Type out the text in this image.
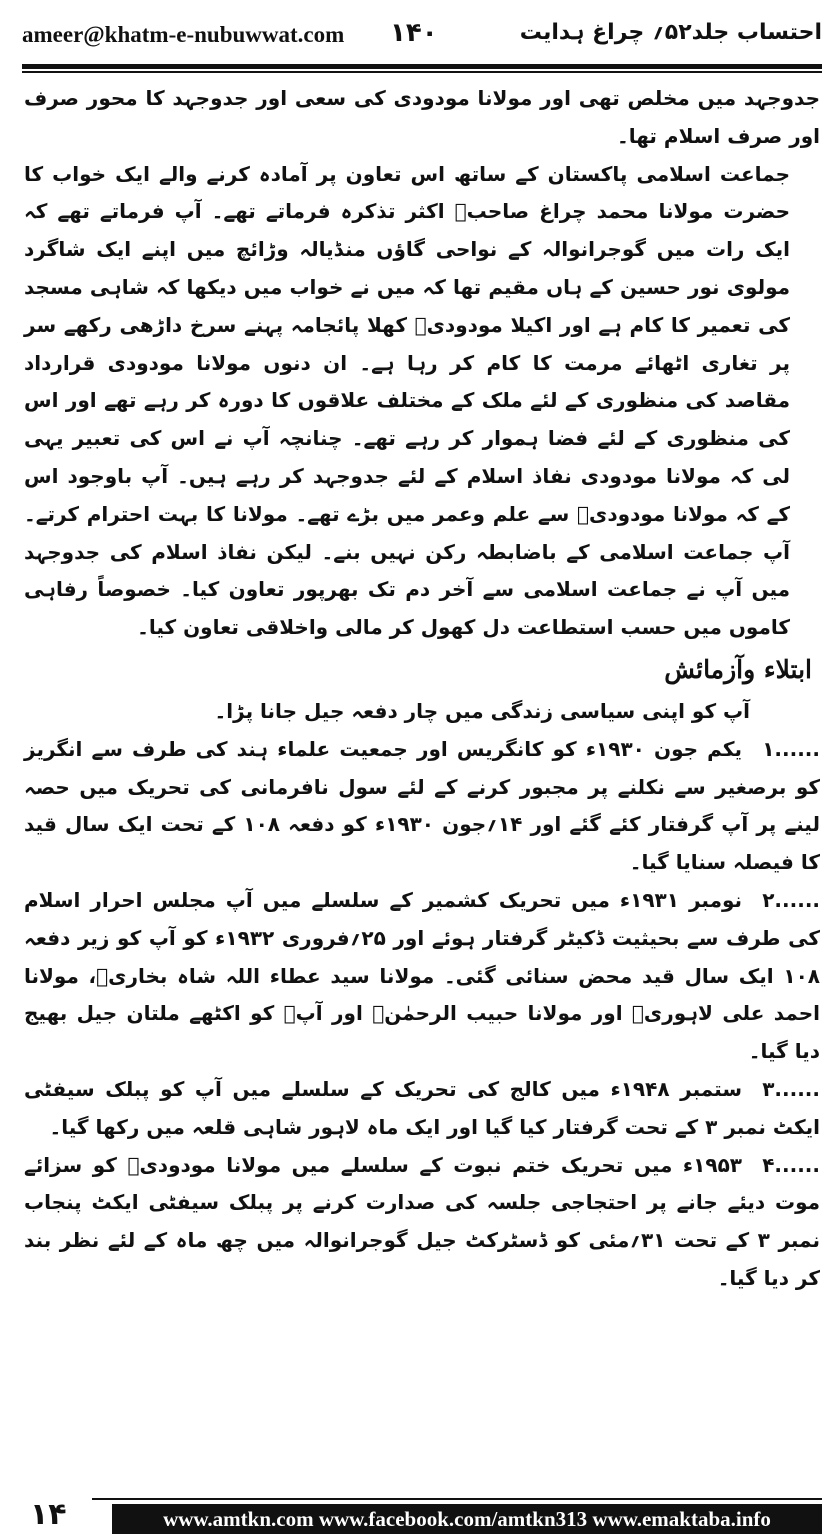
ameer@khatm-e-nubuwwat.com ۱۴۰	احتساب جلد۵۲؍ چراغ ہدایت

جدوجہد میں مخلص تھی اور مولانا مودودی کی سعی اور جدوجہد کا محور صرف اور صرف اسلام تھا۔

جماعت اسلامی پاکستان کے ساتھ اس تعاون پر آمادہ کرنے والے ایک خواب کا حضرت مولانا محمد چراغ صاحبؒ اکثر تذکرہ فرماتے تھے۔ آپ فرماتے تھے کہ ایک رات میں گوجرانوالہ کے نواحی گاؤں منڈیالہ وڑائچ میں اپنے ایک شاگرد مولوی نور حسین کے ہاں مقیم تھا کہ میں نے خواب میں دیکھا کہ شاہی مسجد کی تعمیر کا کام ہے اور اکیلا مودودیؒ کھلا پائجامہ پہنے سرخ داڑھی رکھے سر پر تغاری اٹھائے مرمت کا کام کر رہا ہے۔ ان دنوں مولانا مودودی قرارداد مقاصد کی منظوری کے لئے ملک کے مختلف علاقوں کا دورہ کر رہے تھے اور اس کی منظوری کے لئے فضا ہموار کر رہے تھے۔ چنانچہ آپ نے اس کی تعبیر یہی لی کہ مولانا مودودی نفاذ اسلام کے لئے جدوجہد کر رہے ہیں۔ آپ باوجود اس کے کہ مولانا مودودیؒ سے علم وعمر میں بڑے تھے۔ مولانا کا بہت احترام کرتے۔ آپ جماعت اسلامی کے باضابطہ رکن نہیں بنے۔ لیکن نفاذ اسلام کی جدوجہد میں آپ نے جماعت اسلامی سے آخر دم تک بھرپور تعاون کیا۔ خصوصاً رفاہی کاموں میں حسب استطاعت دل کھول کر مالی واخلاقی تعاون کیا۔

ابتلاء وآزمائش

آپ کو اپنی سیاسی زندگی میں چار دفعہ جیل جانا پڑا۔

۱......یکم جون ۱۹۳۰ء کو کانگریس اور جمعیت علماء ہند کی طرف سے انگریز کو برصغیر سے نکلنے پر مجبور کرنے کے لئے سول نافرمانی کی تحریک میں حصہ لینے پر آپ گرفتار کئے گئے اور ۱۴؍جون ۱۹۳۰ء کو دفعہ ۱۰۸ کے تحت ایک سال قید کا فیصلہ سنایا گیا۔

۲......نومبر ۱۹۳۱ء میں تحریک کشمیر کے سلسلے میں آپ مجلس احرار اسلام کی طرف سے بحیثیت ڈکیٹر گرفتار ہوئے اور ۲۵؍فروری ۱۹۳۲ء کو آپ کو زیر دفعہ ۱۰۸ ایک سال قید محض سنائی گئی۔ مولانا سید عطاء اللہ شاہ بخاریؒ، مولانا احمد علی لاہوریؒ اور مولانا حبیب الرحمٰنؒ اور آپؒ کو اکٹھے ملتان جیل بھیج دیا گیا۔

۳......ستمبر ۱۹۴۸ء میں کالج کی تحریک کے سلسلے میں آپ کو پبلک سیفٹی ایکٹ نمبر ۳ کے تحت گرفتار کیا گیا اور ایک ماہ لاہور شاہی قلعہ میں رکھا گیا۔

۴......۱۹۵۳ء میں تحریک ختم نبوت کے سلسلے میں مولانا مودودیؒ کو سزائے موت دیئے جانے پر احتجاجی جلسہ کی صدارت کرنے پر پبلک سیفٹی ایکٹ پنجاب نمبر ۳ کے تحت ۳۱؍مئی کو ڈسٹرکٹ جیل گوجرانوالہ میں چھ ماہ کے لئے نظر بند کر دیا گیا۔

۱۴	www.amtkn.com www.facebook.com/amtkn313 www.emaktaba.info
